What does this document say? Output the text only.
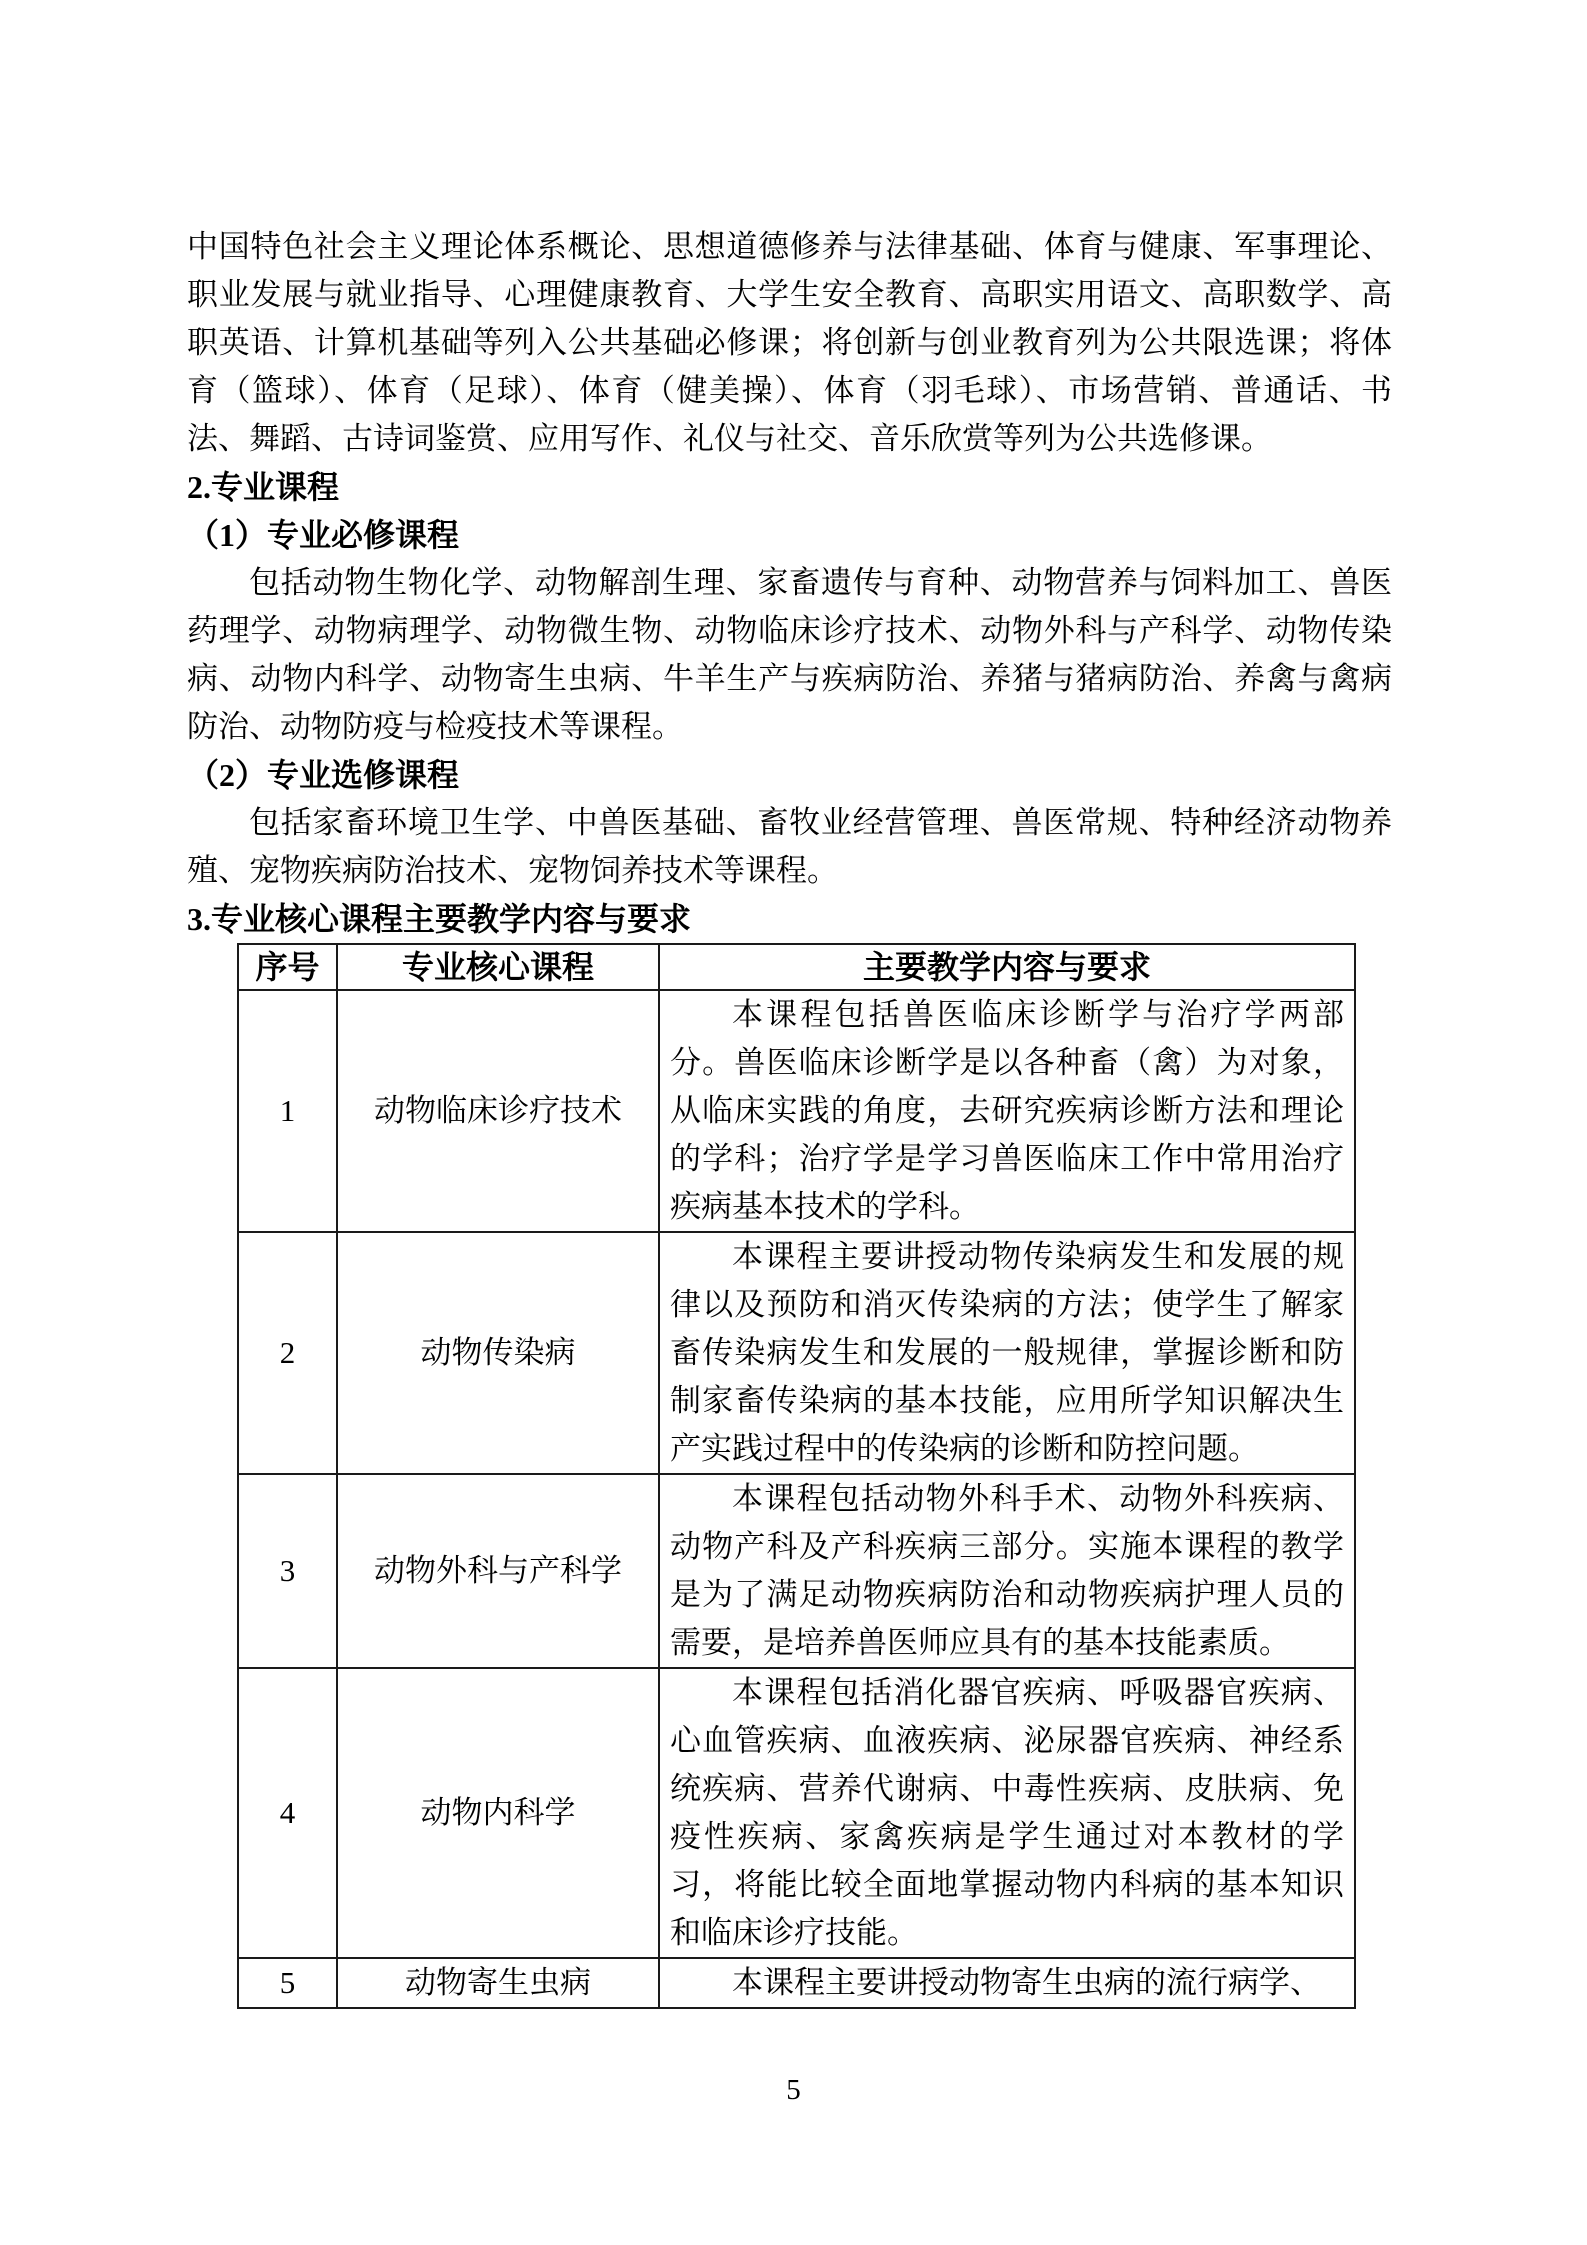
中国特色社会主义理论体系概论、思想道德修养与法律基础、体育与健康、军事理论、职业发展与就业指导、心理健康教育、大学生安全教育、高职实用语文、高职数学、高职英语、计算机基础等列入公共基础必修课；将创新与创业教育列为公共限选课；将体育（篮球）、体育（足球）、体育（健美操）、体育（羽毛球）、市场营销、普通话、书法、舞蹈、古诗词鉴赏、应用写作、礼仪与社交、音乐欣赏等列为公共选修课。

2.专业课程
（1）专业必修课程

包括动物生物化学、动物解剖生理、家畜遗传与育种、动物营养与饲料加工、兽医药理学、动物病理学、动物微生物、动物临床诊疗技术、动物外科与产科学、动物传染病、动物内科学、动物寄生虫病、牛羊生产与疾病防治、养猪与猪病防治、养禽与禽病防治、动物防疫与检疫技术等课程。

（2）专业选修课程

包括家畜环境卫生学、中兽医基础、畜牧业经营管理、兽医常规、特种经济动物养殖、宠物疾病防治技术、宠物饲养技术等课程。

3.专业核心课程主要教学内容与要求
序号	专业核心课程	主要教学内容与要求
1	动物临床诊疗技术	本课程包括兽医临床诊断学与治疗学两部分。兽医临床诊断学是以各种畜（禽）为对象，从临床实践的角度，去研究疾病诊断方法和理论的学科；治疗学是学习兽医临床工作中常用治疗疾病基本技术的学科。
2	动物传染病	本课程主要讲授动物传染病发生和发展的规律以及预防和消灭传染病的方法；使学生了解家畜传染病发生和发展的一般规律，掌握诊断和防制家畜传染病的基本技能，应用所学知识解决生产实践过程中的传染病的诊断和防控问题。
3	动物外科与产科学	本课程包括动物外科手术、动物外科疾病、动物产科及产科疾病三部分。实施本课程的教学是为了满足动物疾病防治和动物疾病护理人员的需要，是培养兽医师应具有的基本技能素质。
4	动物内科学	本课程包括消化器官疾病、呼吸器官疾病、心血管疾病、血液疾病、泌尿器官疾病、神经系统疾病、营养代谢病、中毒性疾病、皮肤病、免疫性疾病、家禽疾病是学生通过对本教材的学习，将能比较全面地掌握动物内科病的基本知识和临床诊疗技能。
5	动物寄生虫病	本课程主要讲授动物寄生虫病的流行病学、
5
